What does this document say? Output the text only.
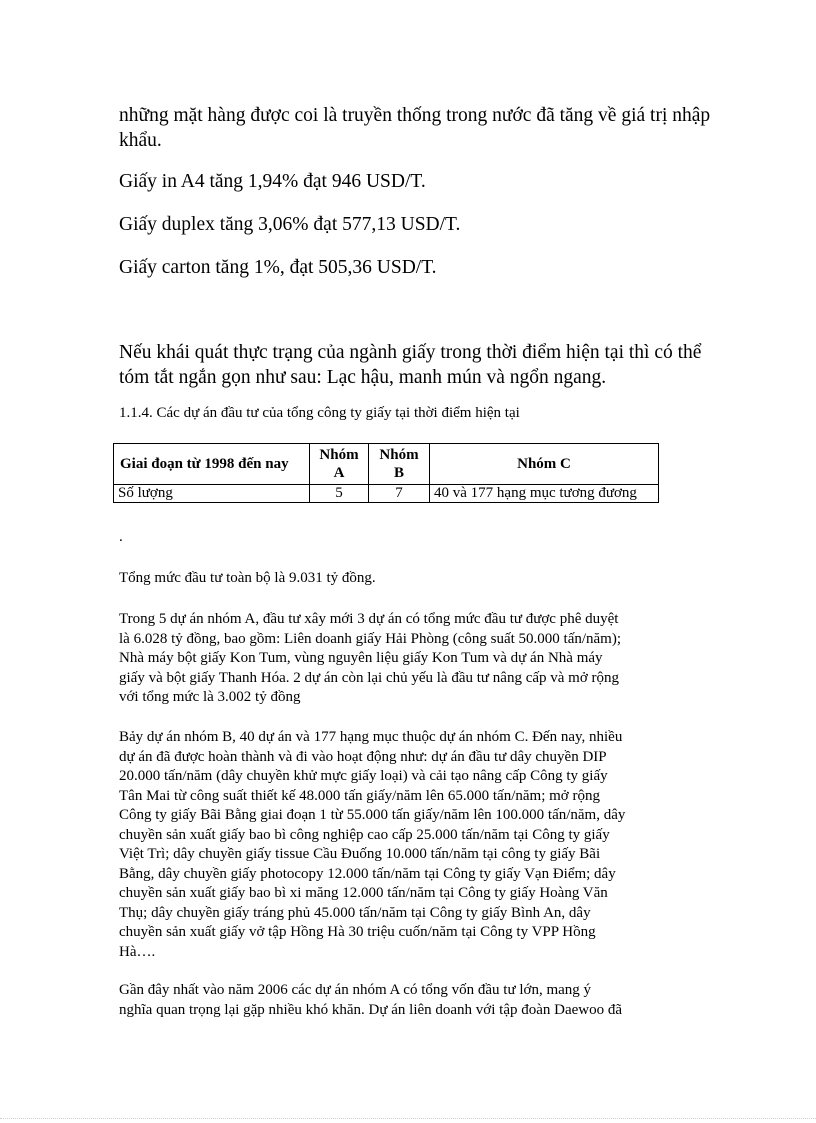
những mặt hàng được coi là truyền thống trong nước đã tăng về giá trị nhập
khẩu.

Giấy in A4 tăng 1,94% đạt 946 USD/T.

Giấy duplex tăng 3,06% đạt 577,13 USD/T.

Giấy carton tăng 1%, đạt 505,36 USD/T.

Nếu khái quát thực trạng của ngành giấy trong thời điểm hiện tại thì có thể
tóm tắt ngắn gọn như sau: Lạc hậu, manh mún và ngổn ngang.

1.1.4. Các dự án đầu tư của tổng công ty giấy tại thời điểm hiện tại

Giai đoạn từ 1998 đến nay	Nhóm A	Nhóm B	Nhóm C
Số lượng	5	7	40 và 177 hạng mục tương đương

.

Tổng mức đầu tư toàn bộ là 9.031 tỷ đồng.

Trong 5 dự án nhóm A, đầu tư xây mới 3 dự án có tổng mức đầu tư được phê duyệt
là 6.028 tỷ đồng, bao gồm: Liên doanh giấy Hải Phòng (công suất 50.000 tấn/năm);
Nhà máy bột giấy Kon Tum, vùng nguyên liệu giấy Kon Tum và dự án Nhà máy
giấy và bột giấy Thanh Hóa. 2 dự án còn lại chủ yếu là đầu tư nâng cấp và mở rộng
với tổng mức là 3.002 tỷ đồng

Bảy dự án nhóm B, 40 dự án và 177 hạng mục thuộc dự án nhóm C. Đến nay, nhiều
dự án đã được hoàn thành và đi vào hoạt động như: dự án đầu tư dây chuyền DIP
20.000 tấn/năm (dây chuyền khử mực giấy loại) và cải tạo nâng cấp Công ty giấy
Tân Mai từ công suất thiết kế 48.000 tấn giấy/năm lên 65.000 tấn/năm; mở rộng
Công ty giấy Bãi Bằng giai đoạn 1 từ 55.000 tấn giấy/năm lên 100.000 tấn/năm, dây
chuyền sản xuất giấy bao bì công nghiệp cao cấp 25.000 tấn/năm tại Công ty giấy
Việt Trì; dây chuyền giấy tissue Cầu Đuống 10.000 tấn/năm tại công ty giấy Bãi
Bằng, dây chuyền giấy photocopy 12.000 tấn/năm tại Công ty giấy Vạn Điểm; dây
chuyền sản xuất giấy bao bì xi măng 12.000 tấn/năm tại Công ty giấy Hoàng Văn
Thụ; dây chuyền giấy tráng phủ 45.000 tấn/năm tại Công ty giấy Bình An, dây
chuyền sản xuất giấy vở tập Hồng Hà 30 triệu cuốn/năm tại Công ty VPP Hồng
Hà….

Gần đây nhất vào năm 2006 các dự án nhóm A có tổng vốn đầu tư lớn, mang ý
nghĩa quan trọng lại gặp nhiều khó khăn. Dự án liên doanh với tập đoàn Daewoo đã
